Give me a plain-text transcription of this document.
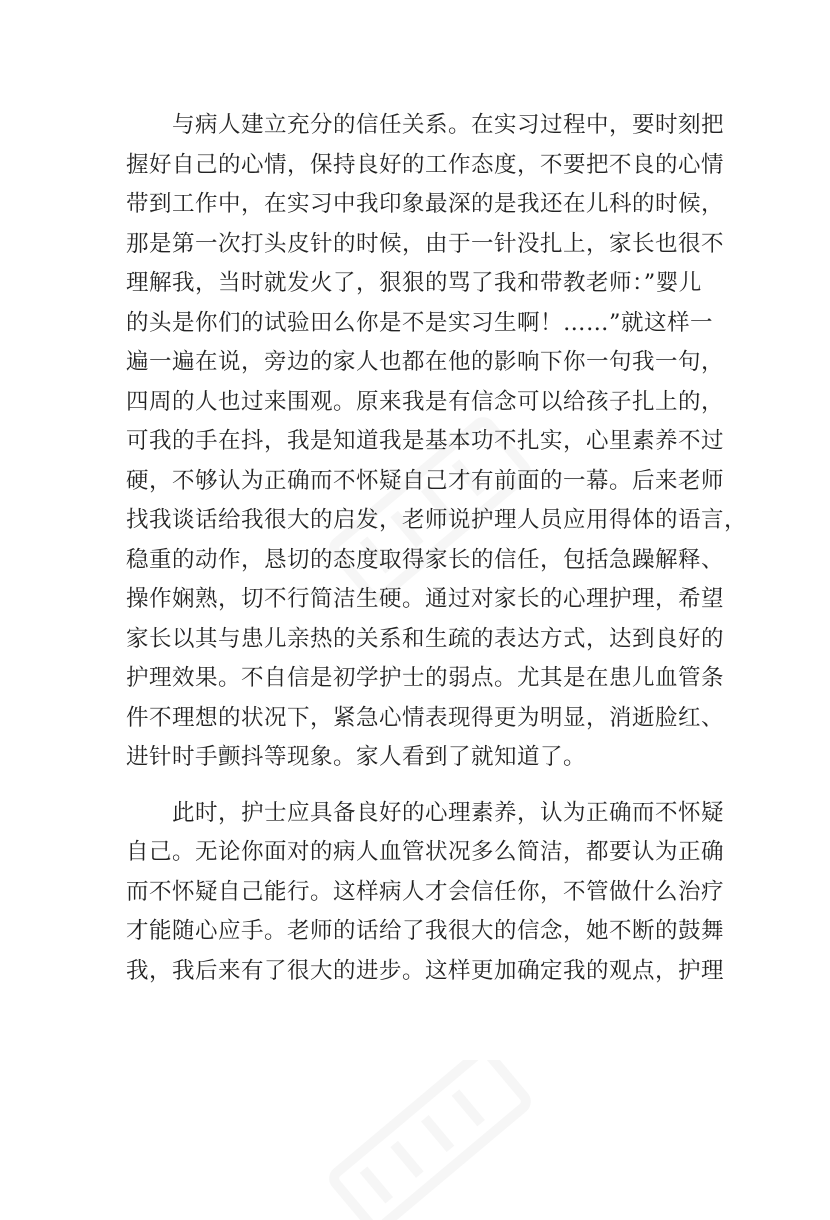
　　与病人建立充分的信任关系。在实习过程中，要时刻把
握好自己的心情，保持良好的工作态度，不要把不良的心情
带到工作中，在实习中我印象最深的是我还在儿科的时候，
那是第一次打头皮针的时候，由于一针没扎上，家长也很不
理解我，当时就发火了，狠狠的骂了我和带教老师：”婴儿
的头是你们的试验田么你是不是实习生啊！……”就这样一
遍一遍在说，旁边的家人也都在他的影响下你一句我一句，
四周的人也过来围观。原来我是有信念可以给孩子扎上的，
可我的手在抖，我是知道我是基本功不扎实，心里素养不过
硬，不够认为正确而不怀疑自己才有前面的一幕。后来老师
找我谈话给我很大的启发，老师说护理人员应用得体的语言，
稳重的动作，恳切的态度取得家长的信任，包括急躁解释、
操作娴熟，切不行简洁生硬。通过对家长的心理护理，希望
家长以其与患儿亲热的关系和生疏的表达方式，达到良好的
护理效果。不自信是初学护士的弱点。尤其是在患儿血管条
件不理想的状况下，紧急心情表现得更为明显，消逝脸红、
进针时手颤抖等现象。家人看到了就知道了。

　　此时，护士应具备良好的心理素养，认为正确而不怀疑
自己。无论你面对的病人血管状况多么简洁，都要认为正确
而不怀疑自己能行。这样病人才会信任你，不管做什么治疗
才能随心应手。老师的话给了我很大的信念，她不断的鼓舞
我，我后来有了很大的进步。这样更加确定我的观点，护理
